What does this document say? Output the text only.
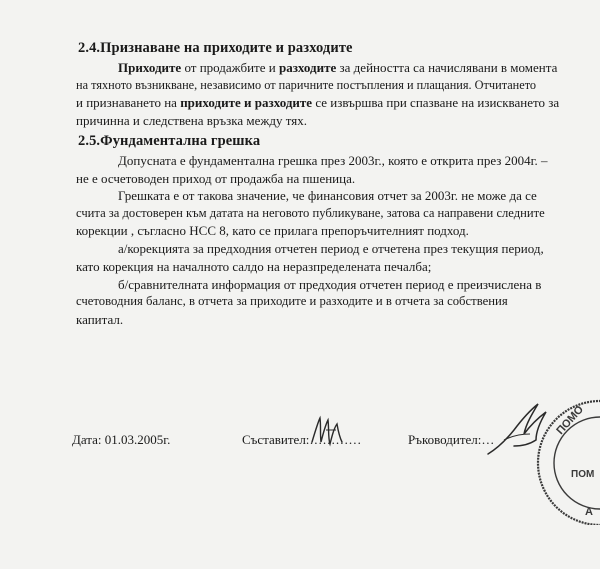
2.4.Признаване на приходите и разходите
Приходите от продажбите и разходите за дейността са начислявани в момента
на тяхното възникване, независимо от паричните постъпления и плащания. Отчитането
и признаването на приходите и разходите се извършва при спазване на изискването за
причинна и следствена връзка между тях.
2.5.Фундаментална грешка
Допусната е фундаментална грешка през 2003г., която е открита през 2004г. –
не е осчетоводен приход от продажба на пшеница.
Грешката е от такова значение, че финансовия отчет за 2003г. не може да се
счита за достоверен към датата на неговото публикуване, затова са направени следните
корекции , съгласно НСС 8, като се прилага препоръчителният подход.
а/корекцията за предходния отчетен период е отчетена през текущия период,
като корекция на началното салдо на неразпределената печалба;
б/сравнителната информация от предходия отчетен период е преизчислена в
счетоводния баланс, в отчета за приходите и разходите и в отчета за собствения
капитал.
Дата: 01.03.2005г.	Съставител:…………	Ръководител:…
ПОМО
ПОМ
А
